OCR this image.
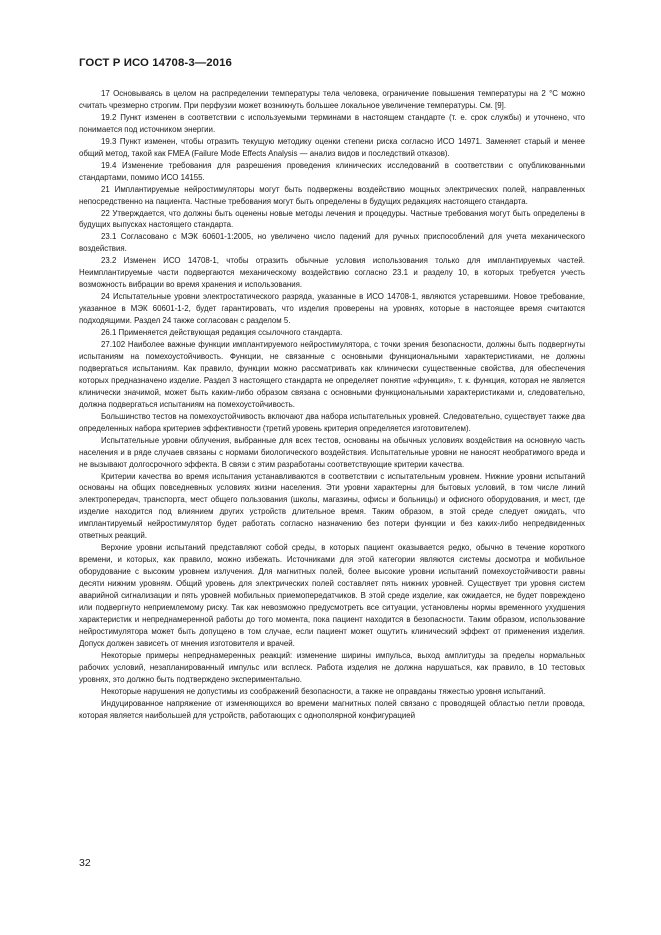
ГОСТ Р ИСО 14708-3—2016

17 Основываясь в целом на распределении температуры тела человека, ограничение повышения температуры на 2 °С можно считать чрезмерно строгим. При перфузии может возникнуть большее локальное увеличение температуры. См. [9].

19.2 Пункт изменен в соответствии с используемыми терминами в настоящем стандарте (т. е. срок службы) и уточнено, что понимается под источником энергии.

19.3 Пункт изменен, чтобы отразить текущую методику оценки степени риска согласно ИСО 14971. Заменяет старый и менее общий метод, такой как FMEA (Failure Mode Effects Analysis — анализ видов и последствий отказов).

19.4 Изменение требования для разрешения проведения клинических исследований в соответствии с опубликованными стандартами, помимо ИСО 14155.

21 Имплантируемые нейростимуляторы могут быть подвержены воздействию мощных электрических полей, направленных непосредственно на пациента. Частные требования могут быть определены в будущих редакциях настоящего стандарта.

22 Утверждается, что должны быть оценены новые методы лечения и процедуры. Частные требования могут быть определены в будущих выпусках настоящего стандарта.

23.1 Согласовано с МЭК 60601-1:2005, но увеличено число падений для ручных приспособлений для учета механического воздействия.

23.2 Изменен ИСО 14708-1, чтобы отразить обычные условия использования только для имплантируемых частей. Неимплантируемые части подвергаются механическому воздействию согласно 23.1 и разделу 10, в которых требуется учесть возможность вибрации во время хранения и использования.

24 Испытательные уровни электростатического разряда, указанные в ИСО 14708-1, являются устаревшими. Новое требование, указанное в МЭК 60601-1-2, будет гарантировать, что изделия проверены на уровнях, которые в настоящее время считаются подходящими. Раздел 24 также согласован с разделом 5.

26.1 Применяется действующая редакция ссылочного стандарта.

27.102 Наиболее важные функции имплантируемого нейростимулятора, с точки зрения безопасности, должны быть подвергнуты испытаниям на помехоустойчивость. Функции, не связанные с основными функциональными характеристиками, не должны подвергаться испытаниям. Как правило, функции можно рассматривать как клинически существенные свойства, для обеспечения которых предназначено изделие. Раздел 3 настоящего стандарта не определяет понятие «функция», т. к. функция, которая не является клинически значимой, может быть каким-либо образом связана с основными функциональными характеристиками и, следовательно, должна подвергаться испытаниям на помехоустойчивость.

Большинство тестов на помехоустойчивость включают два набора испытательных уровней. Следовательно, существует также два определенных набора критериев эффективности (третий уровень критерия определяется изготовителем).

Испытательные уровни облучения, выбранные для всех тестов, основаны на обычных условиях воздействия на основную часть населения и в ряде случаев связаны с нормами биологического воздействия. Испытательные уровни не наносят необратимого вреда и не вызывают долгосрочного эффекта. В связи с этим разработаны соответствующие критерии качества.

Критерии качества во время испытания устанавливаются в соответствии с испытательным уровнем. Нижние уровни испытаний основаны на общих повседневных условиях жизни населения. Эти уровни характерны для бытовых условий, в том числе линий электропередач, транспорта, мест общего пользования (школы, магазины, офисы и больницы) и офисного оборудования, и мест, где изделие находится под влиянием других устройств длительное время. Таким образом, в этой среде следует ожидать, что имплантируемый нейростимулятор будет работать согласно назначению без потери функции и без каких-либо непредвиденных ответных реакций.

Верхние уровни испытаний представляют собой среды, в которых пациент оказывается редко, обычно в течение короткого времени, и которых, как правило, можно избежать. Источниками для этой категории являются системы досмотра и мобильное оборудование с высоким уровнем излучения. Для магнитных полей, более высокие уровни испытаний помехоустойчивости равны десяти нижним уровням. Общий уровень для электрических полей составляет пять нижних уровней. Существует три уровня систем аварийной сигнализации и пять уровней мобильных приемопередатчиков. В этой среде изделие, как ожидается, не будет повреждено или подвергнуто неприемлемому риску. Так как невозможно предусмотреть все ситуации, установлены нормы временного ухудшения характеристик и непреднамеренной работы до того момента, пока пациент находится в безопасности. Таким образом, использование нейростимулятора может быть допущено в том случае, если пациент может ощутить клинический эффект от применения изделия. Допуск должен зависеть от мнения изготовителя и врачей.

Некоторые примеры непреднамеренных реакций: изменение ширины импульса, выход амплитуды за пределы нормальных рабочих условий, незапланированный импульс или всплеск. Работа изделия не должна нарушаться, как правило, в 10 тестовых уровнях, это должно быть подтверждено экспериментально.

Некоторые нарушения не допустимы из соображений безопасности, а также не оправданы тяжестью уровня испытаний.

Индуцированное напряжение от изменяющихся во времени магнитных полей связано с проводящей областью петли провода, которая является наибольшей для устройств, работающих с однополярной конфигурацией

32
